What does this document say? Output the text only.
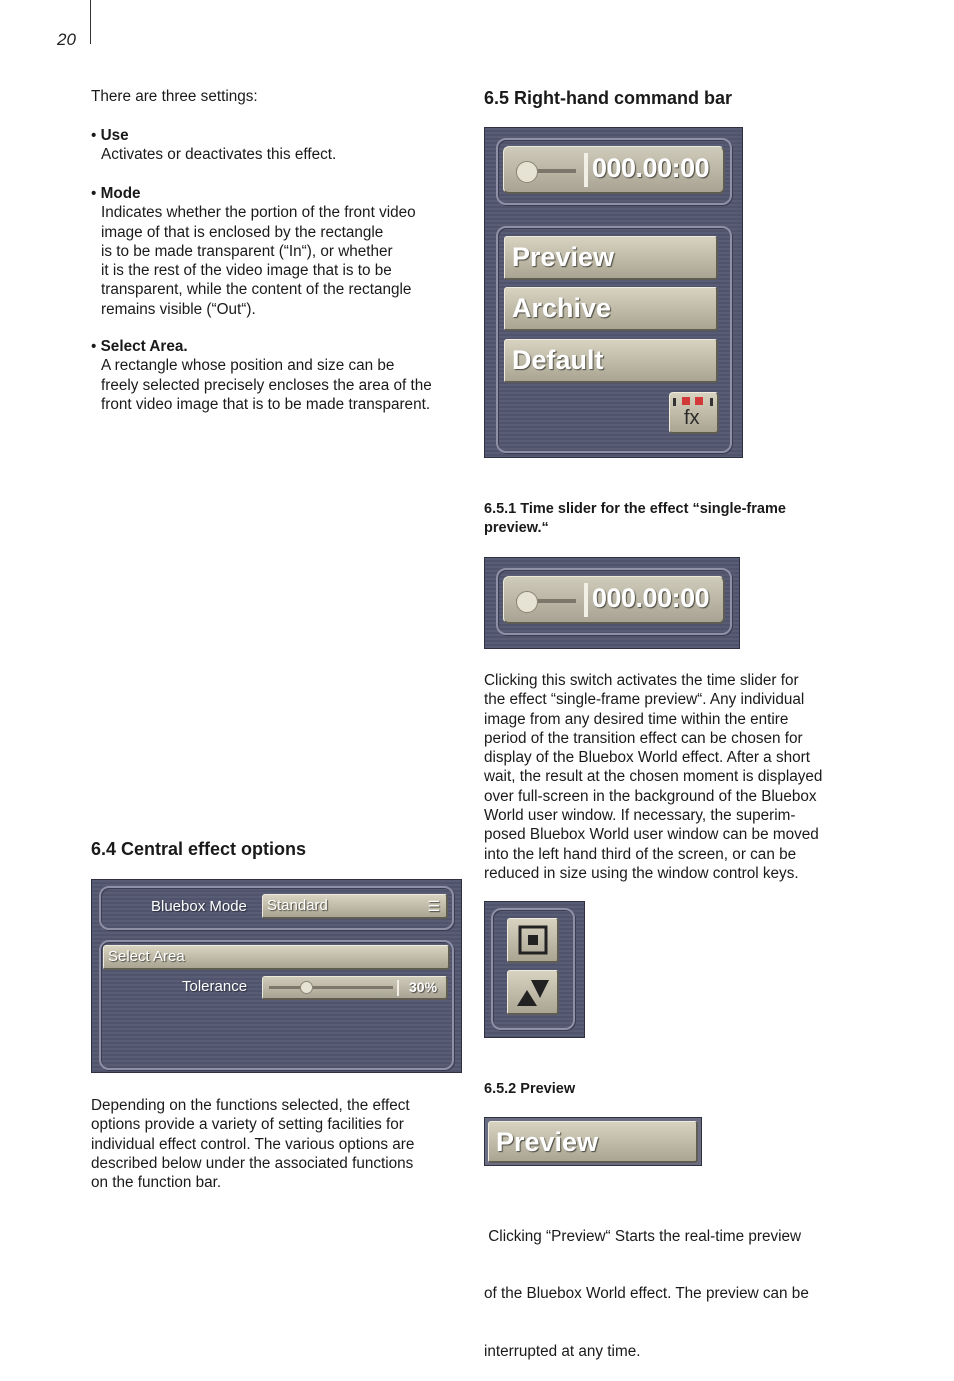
20
There are three settings:
• Use
Activates or deactivates this effect.
• Mode
Indicates whether the portion of the front video
image of that is enclosed by the rectangle
is to be made transparent (“In“), or whether
it is the rest of the video image that is to be
transparent, while the content of the rectangle
remains visible (“Out“).
• Select Area.
A rectangle whose position and size can be
freely selected precisely encloses the area of the
front video image that is to be made transparent.
6.4 Central effect options
Bluebox Mode	Standard	☰
Select Area
Tolerance	30%
Depending on the functions selected, the effect
options provide a variety of setting facilities for
individual effect control. The various options are
described below under the associated functions
on the function bar.
6.5 Right-hand command bar
000.00:00
Preview
Archive
Default
fx
6.5.1 Time slider for the effect “single-frame
preview.“
000.00:00
Clicking this switch activates the time slider for
the effect “single-frame preview“. Any individual
image from any desired time within the entire
period of the transition effect can be chosen for
display of the Bluebox World effect. After a short
wait, the result at the chosen moment is displayed
over full-screen in the background of the Bluebox
World user window. If necessary, the superim-
posed Bluebox World user window can be moved
into the left hand third of the screen, or can be
reduced in size using the window control keys.
6.5.2 Preview
Preview

Clicking “Preview“ Starts the real-time preview

of the Bluebox World effect. The preview can be

interrupted at any time.
